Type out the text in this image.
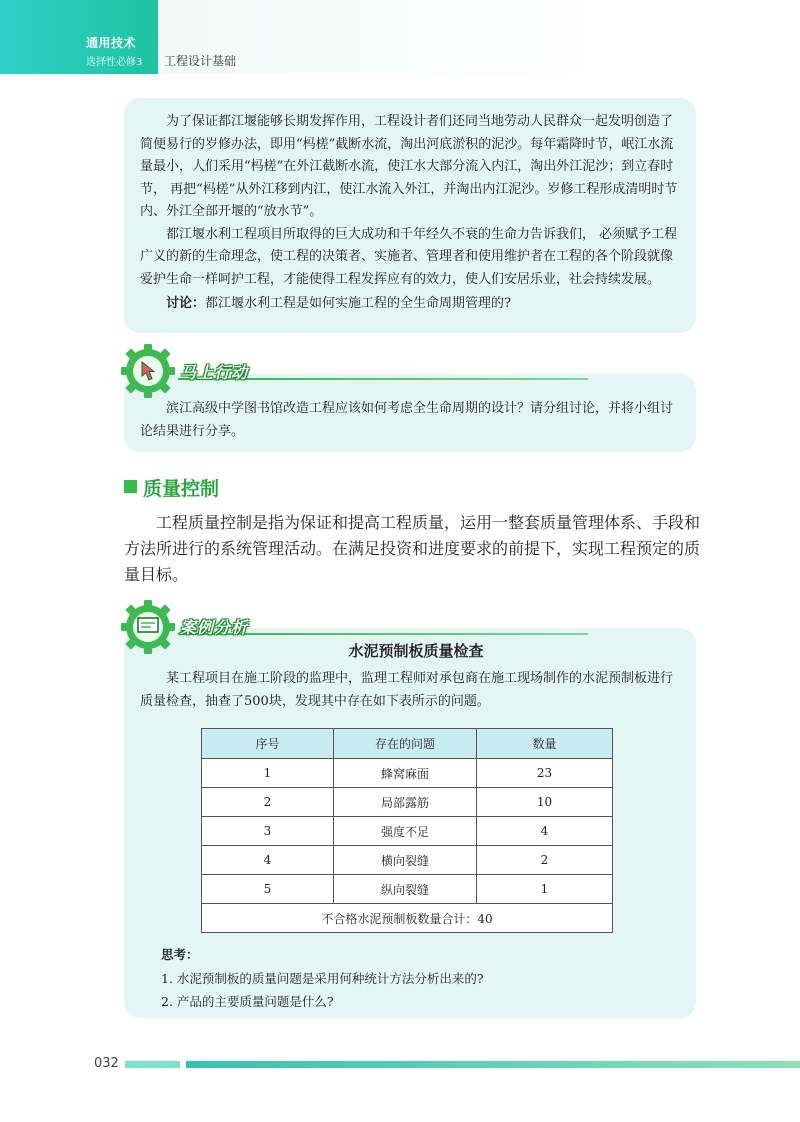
通用技术
选择性必修3 工程设计基础

为了保证都江堰能够长期发挥作用，工程设计者们还同当地劳动人民群众一起发明创造了简便易行的岁修办法，即用“杩槎”截断水流，淘出河底淤积的泥沙。每年霜降时节，岷江水流量最小，人们采用“杩槎”在外江截断水流，使江水大部分流入内江，淘出外江泥沙；到立春时节， 再把“杩槎”从外江移到内江，使江水流入外江，并淘出内江泥沙。岁修工程形成清明时节内、外江全部开堰的“放水节”。

都江堰水利工程项目所取得的巨大成功和千年经久不衰的生命力告诉我们， 必须赋予工程广义的新的生命理念，使工程的决策者、实施者、管理者和使用维护者在工程的各个阶段就像爱护生命一样呵护工程，才能使得工程发挥应有的效力，使人们安居乐业，社会持续发展。

讨论：都江堰水利工程是如何实施工程的全生命周期管理的?

滨江高级中学图书馆改造工程应该如何考虑全生命周期的设计？请分组讨论，并将小组讨论结果进行分享。

马上行动
质量控制

工程质量控制是指为保证和提高工程质量，运用一整套质量管理体系、手段和方法所进行的系统管理活动。在满足投资和进度要求的前提下，实现工程预定的质量目标。

案例分析
水泥预制板质量检查

某工程项目在施工阶段的监理中，监理工程师对承包商在施工现场制作的水泥预制板进行质量检查，抽查了500块，发现其中存在如下表所示的问题。

序号	存在的问题	数量
1	蜂窝麻面	23
2	局部露筋	10
3	强度不足	4
4	横向裂缝	2
5	纵向裂缝	1
不合格水泥预制板数量合计：40		
思考：
1. 水泥预制板的质量问题是采用何种统计方法分析出来的?
2. 产品的主要质量问题是什么?
032
